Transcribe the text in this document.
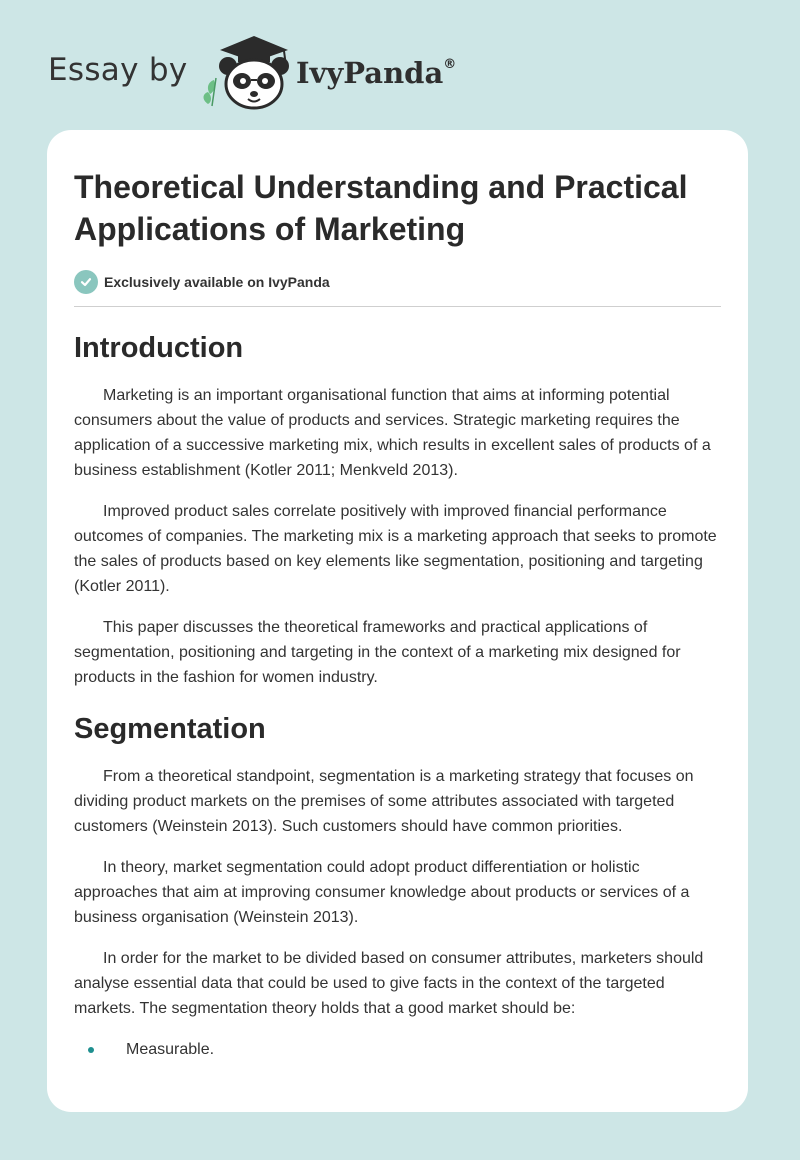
Essay by	IvyPanda®
Theoretical Understanding and Practical Applications of Marketing
Exclusively available on IvyPanda
Introduction

Marketing is an important organisational function that aims at informing potential consumers about the value of products and services. Strategic marketing requires the application of a successive marketing mix, which results in excellent sales of products of a business establishment (Kotler 2011; Menkveld 2013).

Improved product sales correlate positively with improved financial performance outcomes of companies. The marketing mix is a marketing approach that seeks to promote the sales of products based on key elements like segmentation, positioning and targeting (Kotler 2011).

This paper discusses the theoretical frameworks and practical applications of segmentation, positioning and targeting in the context of a marketing mix designed for products in the fashion for women industry.

Segmentation

From a theoretical standpoint, segmentation is a marketing strategy that focuses on dividing product markets on the premises of some attributes associated with targeted customers (Weinstein 2013). Such customers should have common priorities.

In theory, market segmentation could adopt product differentiation or holistic approaches that aim at improving consumer knowledge about products or services of a business organisation (Weinstein 2013).

In order for the market to be divided based on consumer attributes, marketers should analyse essential data that could be used to give facts in the context of the targeted markets. The segmentation theory holds that a good market should be:

Measurable.
